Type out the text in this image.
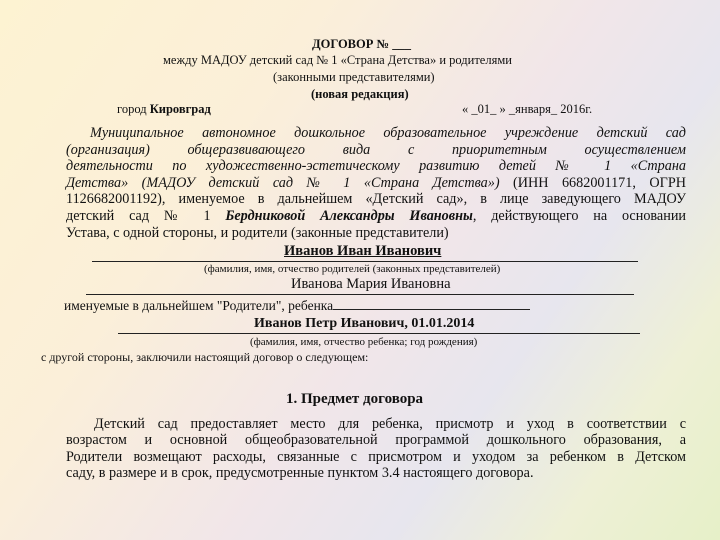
ДОГОВОР № ___
между МАДОУ детский сад № 1 «Страна Детства» и родителями
(законными представителями)
(новая редакция)
город Кировград	« _01_ » _января_ 2016г.
Муниципальное автономное дошкольное образовательное учреждение детский сад
(организация)	общеразвивающего	вида	с	приоритетным	осуществлением
деятельности по художественно-эстетическому развитию детей № 1 «Страна
Детства» (МАДОУ детский сад № 1 «Страна Детства») (ИНН 6682001171, ОГРН
1126682001192), именуемое в дальнейшем «Детский сад», в лице заведующего МАДОУ
детский сад № 1 Бердниковой Александры Ивановны, действующего на основании
Устава, с одной стороны, и родители (законные представители)
Иванов Иван Иванович
(фамилия, имя, отчество родителей (законных представителей)
Иванова Мария Ивановна
именуемые в дальнейшем "Родители", ребенка
Иванов Петр Иванович, 01.01.2014
(фамилия, имя, отчество ребенка; год рождения)
с другой стороны, заключили настоящий договор о следующем:
1. Предмет договора
Детский сад предоставляет место для ребенка, присмотр и уход в соответствии с
возрастом и основной общеобразовательной программой дошкольного образования, а
Родители возмещают расходы, связанные с присмотром и уходом за ребенком в Детском
саду, в размере и в срок, предусмотренные пунктом 3.4 настоящего договора.
